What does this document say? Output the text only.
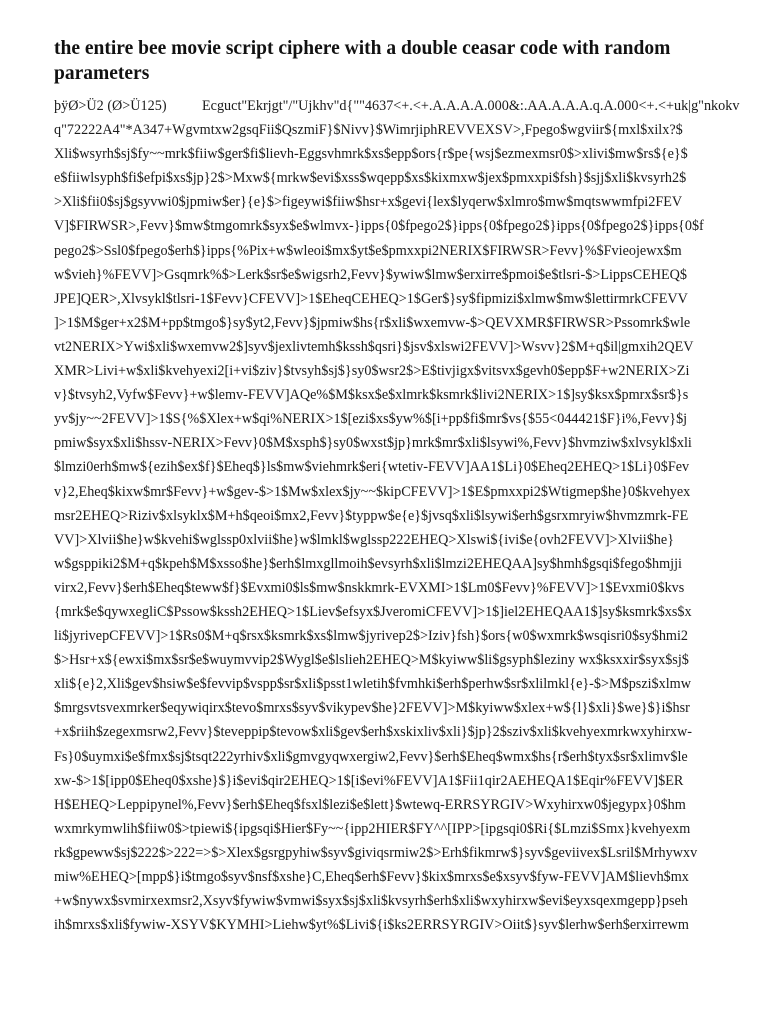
the entire bee movie script ciphere with a double ceasar code with random parameters
þÿØ>Ü2 (Ø>Ü125) Ecguct"Ekrjgt"/"Ujkhv"d{""4637<+.<+.A.A.A.A.000&:.AA.A.A.A.q.A.000<+.<+uk|g"nkokv
q"72222A4"*A347+Wgvmtxw2gsqFii$QszmiF}$Nivv}$WimrjiphREVVEXSV>,Fpego$wgviir${mxl$xilx?$
Xli$wsyrh$sj$fy~~mrk$fiiw$ger$fi$lievh-Eggsvhmrk$xs$epp$ors{r$pe{wsj$ezmexmsr0$>xlivi$mw$rs${e}$
e$fiiwlsyph$fi$efpi$xs$jp}2$>Mxw${mrkw$evi$xss$wqepp$xs$kixmxw$jex$pmxxpi$fsh}$sjj$xli$kvsyrh2$
>Xli$fii0$sj$gsyvwi0$jpmiw$er}{e}$>figeywi$fiiw$hsr+x$gevi{lex$lyqerw$xlmro$mw$mqtswwmfpi2FEV
V]$FIRWSR>,Fevv}$mw$tmgomrk$syx$e$wlmvx-}ipps{0$fpego2$}ipps{0$fpego2$}ipps{0$fpego2$}ipps{0$f
pego2$>Ssl0$fpego$erh$}ipps{%Pix+w$wleoi$mx$yt$e$pmxxpi2NERIX$FIRWSR>Fevv}%$Fvieojewx$m
w$vieh}%FEVV]>Gsqmrk%$>Lerk$sr$e$wigsrh2,Fevv}$ywiw$lmw$erxirre$pmoi$e$tlsri-$>LippsCEHEQ$
JPE]QER>,Xlvsykl$tlsri-1$Fevv}CFEVV]>1$EheqCEHEQ>1$Ger$}sy$fipmizi$xlmw$mw$lettirmrkCFEVV
]>1$M$ger+x2$M+pp$tmgo$}sy$yt2,Fevv}$jpmiw$hs{r$xli$wxemvw-$>QEVXMR$FIRWSR>Pssomrk$wle
vt2NERIX>Ywi$xli$wxemvw2$]syv$jexlivtemh$kssh$qsri}$jsv$xlswi2FEVV]>Wsvv}2$M+q$il|gmxih2QEV
XMR>Livi+w$xli$kvehyexi2[i+vi$ziv}$tvsyh$sj$}sy0$wsr2$>E$tivjigx$vitsvx$gevh0$epp$F+w2NERIX>Zi
v}$tvsyh2,Vyfw$Fevv}+w$lemv-FEVV]AQe%$M$ksx$e$xlmrk$ksmrk$livi2NERIX>1$]sy$ksx$pmrx$sr$}s
yv$jy~~2FEVV]>1$S{%$Xlex+w$qi%NERIX>1$[ezi$xs$yw%$[i+pp$fi$mr$vs{$55<044421$F}i%,Fevv}$j
pmiw$syx$xli$hssv-NERIX>Fevv}0$M$xsph$}sy0$wxst$jp}mrk$mr$xli$lsywi%,Fevv}$hvmziw$xlvsykl$xli
$lmzi0erh$mw${ezih$ex$f}$Eheq$}ls$mw$viehmrk$eri{wtetiv-FEVV]AA1$Li}0$Eheq2EHEQ>1$Li}0$Fev
v}2,Eheq$kixw$mr$Fevv}+w$gev-$>1$Mw$xlex$jy~~$kipCFEVV]>1$E$pmxxpi2$Wtigmep$he}0$kvehyex
msr2EHEQ>Riziv$xlsyklx$M+h$qeoi$mx2,Fevv}$typpw$e{e}$jvsq$xli$lsywi$erh$gsrxmryiw$hvmzmrk-FE
VV]>Xlvii$he}w$kvehi$wglssp0xlvii$he}w$lmkl$wglssp222EHEQ>Xlswi${ivi$e{ovh2FEVV]>Xlvii$he}
w$gsppiki2$M+q$kpeh$M$xsso$he}$erh$lmxgllmoih$evsyrh$xli$lmzi2EHEQAA]sy$hmh$gsqi$fego$hmjji
virx2,Fevv}$erh$Eheq$teww$f}$Evxmi0$ls$mw$nskkmrk-EVXMI>1$Lm0$Fevv}%FEVV]>1$Evxmi0$kvs
{mrk$e$qywxegliC$Pssow$kssh2EHEQ>1$Liev$efsyx$JveromiCFEVV]>1$]iel2EHEQAA1$]sy$ksmrk$xs$x
li$jyrivepCFEVV]>1$Rs0$M+q$rsx$ksmrk$xs$lmw$jyrivep2$>Iziv}fsh}$ors{w0$wxmrk$wsqisri0$sy$hmi2
$>Hsr+x${ewxi$mx$sr$e$wuymvvip2$Wygl$e$lslieh2EHEQ>M$kyiww$li$gsyph$leziny wx$ksxxir$syx$sj$
xli${e}2,Xli$gev$hsiw$e$fevvip$vspp$sr$xli$psst1wletih$fvmhki$erh$perhw$sr$xlilmkl{e}-$>M$pszi$xlmw
$mrgsvtsvexmrker$eqywiqirx$tevo$mrxs$syv$vikypev$he}2FEVV]>M$kyiww$xlex+w${l}$xli}$we}$}i$hsr
+x$riih$zegexmsrw2,Fevv}$teveppip$tevow$xli$gev$erh$xskixliv$xli}$jp}2$sziv$xli$kvehyexmrkwxyhirxw-
Fs}0$uymxi$e$fmx$sj$tsqt222yrhiv$xli$gmvgyqwxergiw2,Fevv}$erh$Eheq$wmx$hs{r$erh$tyx$sr$xlimv$le
xw-$>1$[ipp0$Eheq0$xshe}$}i$evi$qir2EHEQ>1$[i$evi%FEVV]A1$Fii1qir2AEHEQA1$Eqir%FEVV]$ER
H$EHEQ>Leppipynel%,Fevv}$erh$Eheq$fsxl$lezi$e$lett}$wtewq-ERRSYRGIV>Wxyhirxw0$jegypx}0$hm
wxmrkymwlih$fiiw0$>tpiewi${ipgsqi$Hier$Fy~~{ipp2HIER$FY^^[IPP>[ipgsqi0$Ri{$Lmzi$Smx}kvehyexm
rk$gpeww$sj$222$>222=>$>Xlex$gsrgpyhiw$syv$giviqsrmiw2$>Erh$fikmrw$}syv$geviivex$Lsril$Mrhywxv
miw%EHEQ>[mpp$}i$tmgo$syv$nsf$xshe}C,Eheq$erh$Fevv}$kix$mrxs$e$xsyv$fyw-FEVV]AM$lievh$mx
+w$nywx$svmirxexmsr2,Xsyv$fywiw$vmwi$syx$sj$xli$kvsyrh$erh$xli$wxyhirxw$evi$eyxsqexmgepp}pseh
ih$mrxs$xli$fywiw-XSYV$KYMHI>Liehw$yt%$Livi${i$ks2ERRSYRGIV>Oiit$}syv$lerhw$erh$erxirrewm
